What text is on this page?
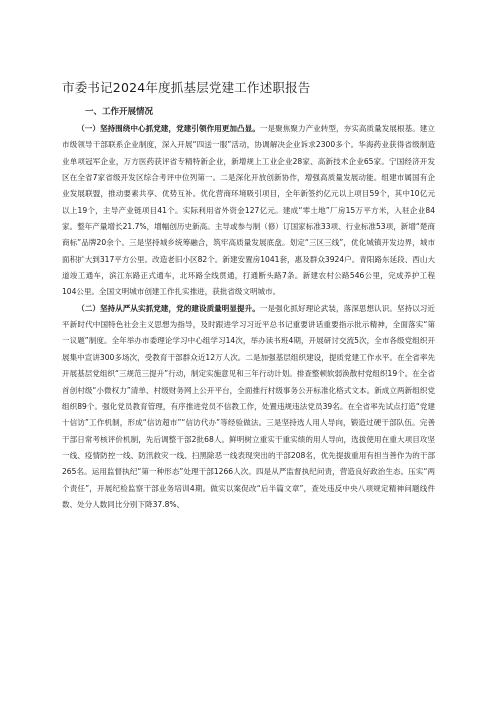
市委书记2024年度抓基层党建工作述职报告
一、工作开展情况

（一）坚持围绕中心抓党建，党建引领作用更加凸显。一是聚焦聚力产业转型，夯实高质量发展根基。建立市级领导干部联系企业制度，深入开展“四送一服”活动，协调解决企业诉求2300多个。华海药业获得省级制造业单项冠军企业，万方医药获评省专精特新企业，新增规上工业企业28家、高新技术企业65家。宁国经济开发区在全省7家省级开发区综合考评中位列第一。二是深化开放创新协作，增强高质量发展动能。组建市属国有企业发展联盟，推动要素共享、优势互补。优化营商环境吸引项目，全年新签约亿元以上项目59个，其中10亿元以上19个，主导产业链项目41个。实际利用省外资金127亿元。建成“零土地”厂房15万平方米，入驻企业84家。整年产量增长21.7%，增幅创历史新高。主导或参与制（修）订国家标准33项、行业标准53项，新增“楚商商标”品牌20余个。三是坚持城乡统筹融合，筑牢高质量发展底盘。划定“三区三线”，优化城镇开发边界，城市面积扩大到317平方公里。改造老旧小区82个。新建安置房1041套，惠及群众3924户。青阳路东延段、西山大道竣工通车，滨江东路正式通车，北环路全线贯通，打通断头路7条。新建农村公路546公里，完成养护工程104公里。全国文明城市创建工作扎实推进，获批省级文明城市。

（二）坚持从严从实抓党建，党的建设质量明显提升。一是强化抓好理论武装，落深思想认识。坚持以习近平新时代中国特色社会主义思想为指导，及时跟进学习习近平总书记重要讲话重要指示批示精神，全面落实“第一议题”制度。全年举办市委理论学习中心组学习14次，举办读书班4期，开展研讨交流5次，全市各级党组织开展集中宣讲300多场次，受教育干部群众近12万人次。二是加强基层组织建设，提质党建工作水平。在全省率先开展基层党组织“三规范三提升”行动，制定实施意见和三年行动计划。排查整顿软弱涣散村党组织19个。在全省首创村级“小微权力”清单、村级财务网上公开平台，全面推行村级事务公开标准化格式文本。新成立两新组织党组织89个。强化党员教育管理，有序推进党员不信教工作，处置违规违法党员39名。在全省率先试点打造“党建十信访”工作机制，形成“信访超市”“信访代办”等经验做法。三是坚持选人用人导向，锻造过硬干部队伍。完善干部日常考核评价机制，先后调整干部2批68人。鲜明树立重实干重实绩的用人导向，选拔使用在重大项目攻坚一线、疫情防控一线、防汛救灾一线、扫黑除恶一线表现突出的干部208名，优先提拔重用有担当善作为的干部265名。运用监督执纪“第一种形态”处理干部1266人次。四是从严监督执纪问责，营造良好政治生态。压实“两个责任”，开展纪检监察干部业务培训4期。做实以案促改“后半篇文章”，查处违反中央八项规定精神问题线件数、处分人数同比分别下降37.8%、
